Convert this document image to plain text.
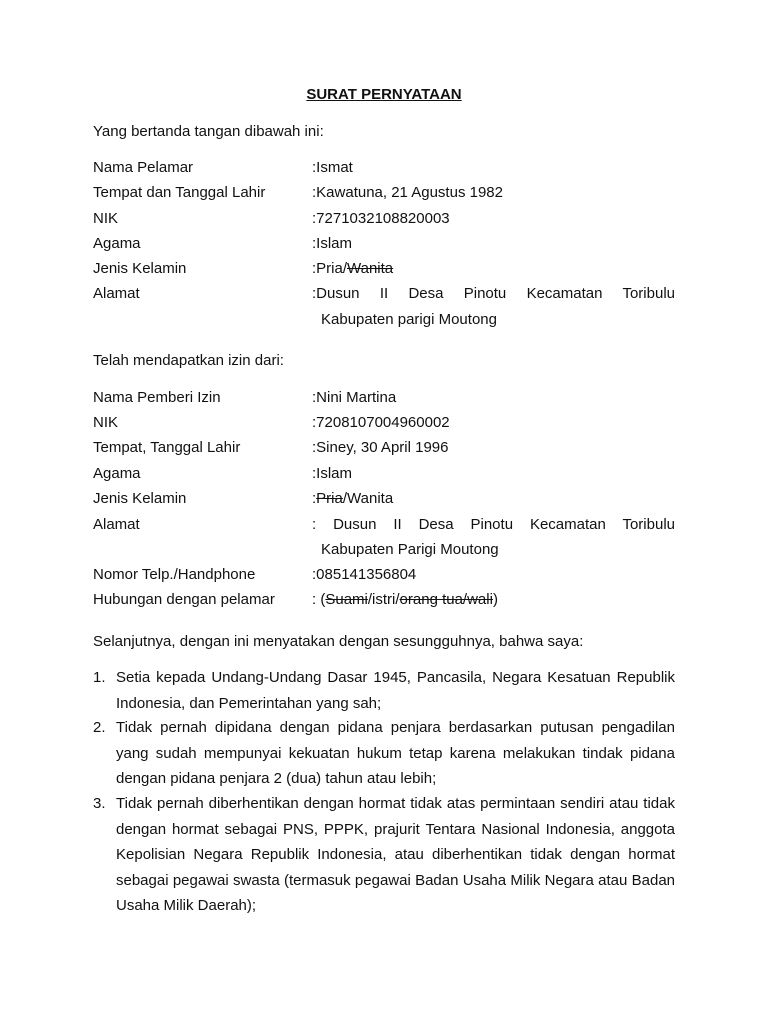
SURAT PERNYATAAN
Yang bertanda tangan dibawah ini:
Nama Pelamar	:Ismat
Tempat dan Tanggal Lahir	:Kawatuna, 21 Agustus 1982
NIK	:7271032108820003
Agama	:Islam
Jenis Kelamin	:Pria/Wanita
Alamat	:Dusun II Desa Pinotu Kecamatan Toribulu
Kabupaten parigi Moutong
Telah mendapatkan izin dari:
Nama Pemberi Izin	:Nini Martina
NIK	:7208107004960002
Tempat, Tanggal Lahir	:Siney, 30 April 1996
Agama	:Islam
Jenis Kelamin	:Pria/Wanita
Alamat	: Dusun II Desa Pinotu Kecamatan Toribulu
Kabupaten Parigi Moutong
Nomor Telp./Handphone	:085141356804
Hubungan dengan pelamar : (Suami/istri/orang tua/wali)
Selanjutnya, dengan ini menyatakan dengan sesungguhnya, bahwa saya:
1. Setia kepada Undang-Undang Dasar 1945, Pancasila, Negara Kesatuan Republik Indonesia, dan Pemerintahan yang sah;
2. Tidak pernah dipidana dengan pidana penjara berdasarkan putusan pengadilan yang sudah mempunyai kekuatan hukum tetap karena melakukan tindak pidana dengan pidana penjara 2 (dua) tahun atau lebih;
3. Tidak pernah diberhentikan dengan hormat tidak atas permintaan sendiri atau tidak dengan hormat sebagai PNS, PPPK, prajurit Tentara Nasional Indonesia, anggota Kepolisian Negara Republik Indonesia, atau diberhentikan tidak dengan hormat sebagai pegawai swasta (termasuk pegawai Badan Usaha Milik Negara atau Badan Usaha Milik Daerah);
